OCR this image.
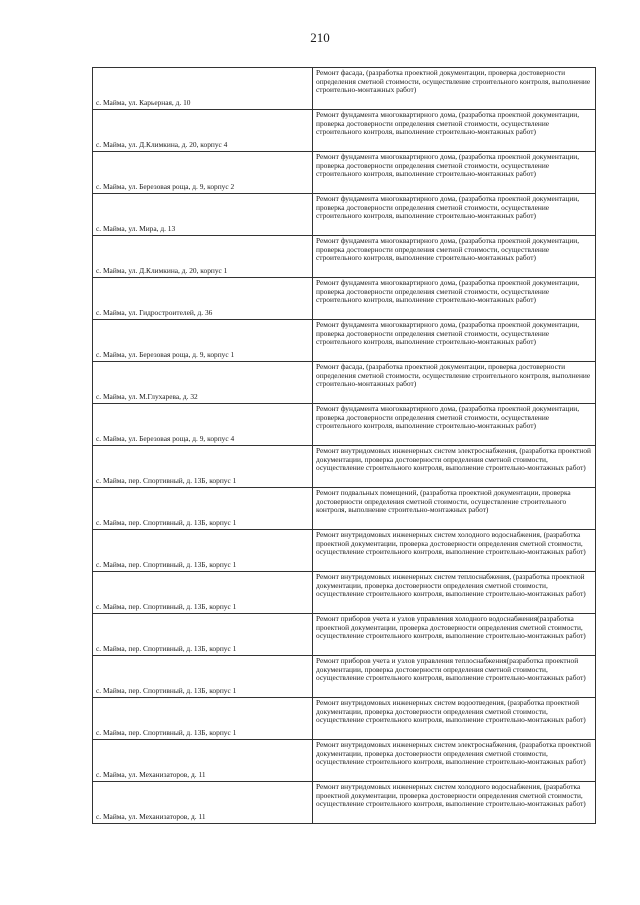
210
с. Майма, ул. Карьерная, д. 10	Ремонт фасада, (разработка проектной документации, проверка достоверности определения сметной стоимости, осуществление строительного контроля, выполнение строительно-монтажных работ)
с. Майма, ул. Д.Климкина, д. 20, корпус 4	Ремонт фундамента многоквартирного дома, (разработка проектной документации, проверка достоверности определения сметной стоимости, осуществление строительного контроля, выполнение строительно-монтажных работ)
с. Майма, ул. Березовая роща, д. 9, корпус 2	Ремонт фундамента многоквартирного дома, (разработка проектной документации, проверка достоверности определения сметной стоимости, осуществление строительного контроля, выполнение строительно-монтажных работ)
с. Майма, ул. Мира, д. 13	Ремонт фундамента многоквартирного дома, (разработка проектной документации, проверка достоверности определения сметной стоимости, осуществление строительного контроля, выполнение строительно-монтажных работ)
с. Майма, ул. Д.Климкина, д. 20, корпус 1	Ремонт фундамента многоквартирного дома, (разработка проектной документации, проверка достоверности определения сметной стоимости, осуществление строительного контроля, выполнение строительно-монтажных работ)
с. Майма, ул. Гидростроителей, д. 36	Ремонт фундамента многоквартирного дома, (разработка проектной документации, проверка достоверности определения сметной стоимости, осуществление строительного контроля, выполнение строительно-монтажных работ)
с. Майма, ул. Березовая роща, д. 9, корпус 1	Ремонт фундамента многоквартирного дома, (разработка проектной документации, проверка достоверности определения сметной стоимости, осуществление строительного контроля, выполнение строительно-монтажных работ)
с. Майма, ул. М.Глухарева, д. 32	Ремонт фасада, (разработка проектной документации, проверка достоверности определения сметной стоимости, осуществление строительного контроля, выполнение строительно-монтажных работ)
с. Майма, ул. Березовая роща, д. 9, корпус 4	Ремонт фундамента многоквартирного дома, (разработка проектной документации, проверка достоверности определения сметной стоимости, осуществление строительного контроля, выполнение строительно-монтажных работ)
с. Майма, пер. Спортивный, д. 13Б, корпус 1	Ремонт внутридомовых инженерных систем электроснабжения, (разработка проектной документации, проверка достоверности определения сметной стоимости, осуществление строительного контроля, выполнение строительно-монтажных работ)
с. Майма, пер. Спортивный, д. 13Б, корпус 1	Ремонт подвальных помещений, (разработка проектной документации, проверка достоверности определения сметной стоимости, осуществление строительного контроля, выполнение строительно-монтажных работ)
с. Майма, пер. Спортивный, д. 13Б, корпус 1	Ремонт внутридомовых инженерных систем холодного водоснабжения, (разработка проектной документации, проверка достоверности определения сметной стоимости, осуществление строительного контроля, выполнение строительно-монтажных работ)
с. Майма, пер. Спортивный, д. 13Б, корпус 1	Ремонт внутридомовых инженерных систем теплоснабжения, (разработка проектной документации, проверка достоверности определения сметной стоимости, осуществление строительного контроля, выполнение строительно-монтажных работ)
с. Майма, пер. Спортивный, д. 13Б, корпус 1	Ремонт приборов учета и узлов управления холодного водоснабжения(разработка проектной документации, проверка достоверности определения сметной стоимости, осуществление строительного контроля, выполнение строительно-монтажных работ)
с. Майма, пер. Спортивный, д. 13Б, корпус 1	Ремонт приборов учета и узлов управления теплоснабжения(разработка проектной документации, проверка достоверности определения сметной стоимости, осуществление строительного контроля, выполнение строительно-монтажных работ)
с. Майма, пер. Спортивный, д. 13Б, корпус 1	Ремонт внутридомовых инженерных систем водоотведения, (разработка проектной документации, проверка достоверности определения сметной стоимости, осуществление строительного контроля, выполнение строительно-монтажных работ)
с. Майма, ул. Механизаторов, д. 11	Ремонт внутридомовых инженерных систем электроснабжения, (разработка проектной документации, проверка достоверности определения сметной стоимости, осуществление строительного контроля, выполнение строительно-монтажных работ)
с. Майма, ул. Механизаторов, д. 11	Ремонт внутридомовых инженерных систем холодного водоснабжения, (разработка проектной документации, проверка достоверности определения сметной стоимости, осуществление строительного контроля, выполнение строительно-монтажных работ)
